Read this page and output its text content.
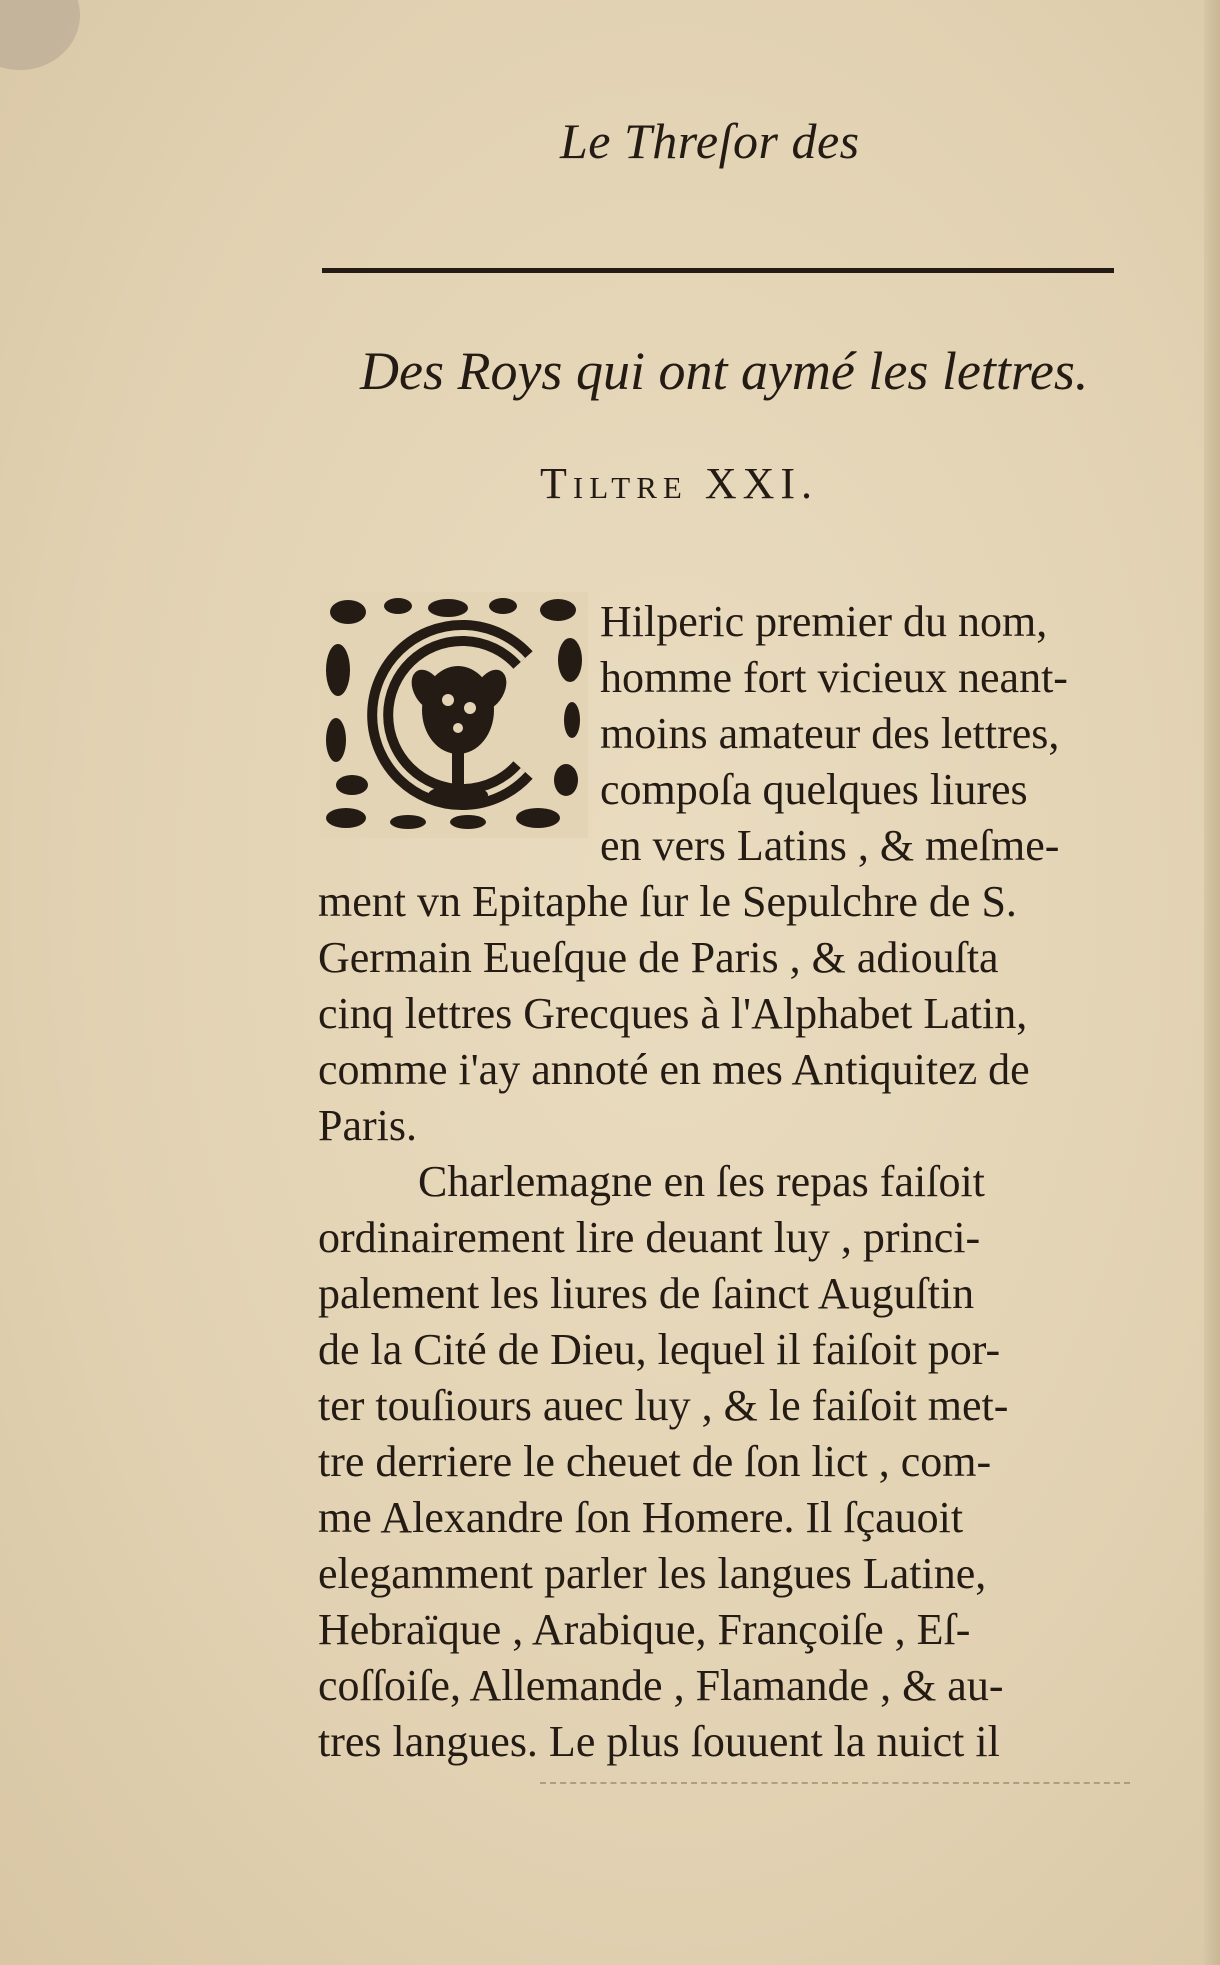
Le Threſor des
Des Roys qui ont aymé les lettres.
Tiltre XXI.
Hilperic premier du nom,
homme fort vicieux neant-
moins amateur des lettres,
compoſa quelques liures
en vers Latins , & meſme-
ment vn Epitaphe ſur le Sepulchre de S.
Germain Eueſque de Paris , & adiouſta
cinq lettres Grecques à l'Alphabet Latin,
comme i'ay annoté en mes Antiquitez de
Paris.
Charlemagne en ſes repas faiſoit
ordinairement lire deuant luy , princi-
palement les liures de ſainct Auguſtin
de la Cité de Dieu, lequel il faiſoit por-
ter touſiours auec luy , & le faiſoit met-
tre derriere le cheuet de ſon lict , com-
me Alexandre ſon Homere. Il ſçauoit
elegamment parler les langues Latine,
Hebraïque , Arabique, Françoiſe , Eſ-
coſſoiſe, Allemande , Flamande , & au-
tres langues. Le plus ſouuent la nuict il
